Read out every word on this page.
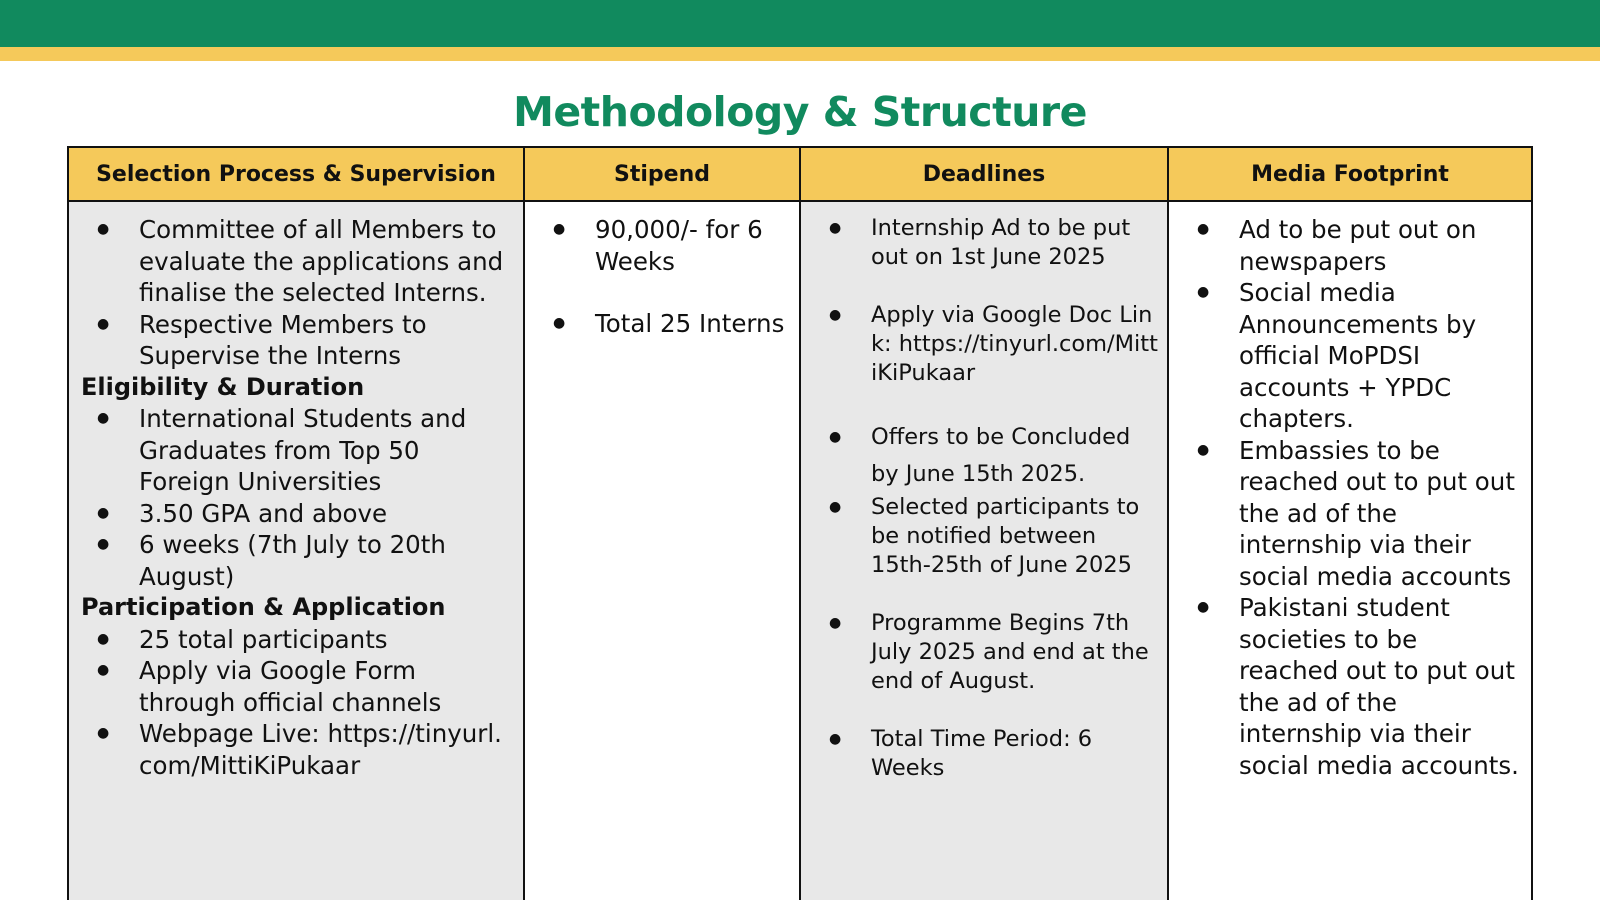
Methodology & Structure
Selection Process & Supervision
● Committee of all Members to evaluate the applications and finalise the selected Interns.
● Respective Members to Supervise the Interns
Eligibility & Duration
● International Students and Graduates from Top 50 Foreign Universities
● 3.50 GPA and above
● 6 weeks (7th July to 20th August)
Participation & Application
● 25 total participants
● Apply via Google Form through official channels
● Webpage Live: https://tinyurl.com/MittiKiPukaar
Stipend
● 90,000/- for 6 Weeks
● Total 25 Interns
Deadlines
● Internship Ad to be put out on 1st June 2025
● Apply via Google Doc Link: https://tinyurl.com/MittiKiPukaar
● Offers to be Concluded by June 15th 2025.
● Selected participants to be notified between 15th-25th of June 2025
● Programme Begins 7th July 2025 and end at the end of August.
● Total Time Period: 6 Weeks
Media Footprint
● Ad to be put out on newspapers
● Social media Announcements by official MoPDSI accounts + YPDC chapters.
● Embassies to be reached out to put out the ad of the internship via their social media accounts
● Pakistani student societies to be reached out to put out the ad of the internship via their social media accounts.
